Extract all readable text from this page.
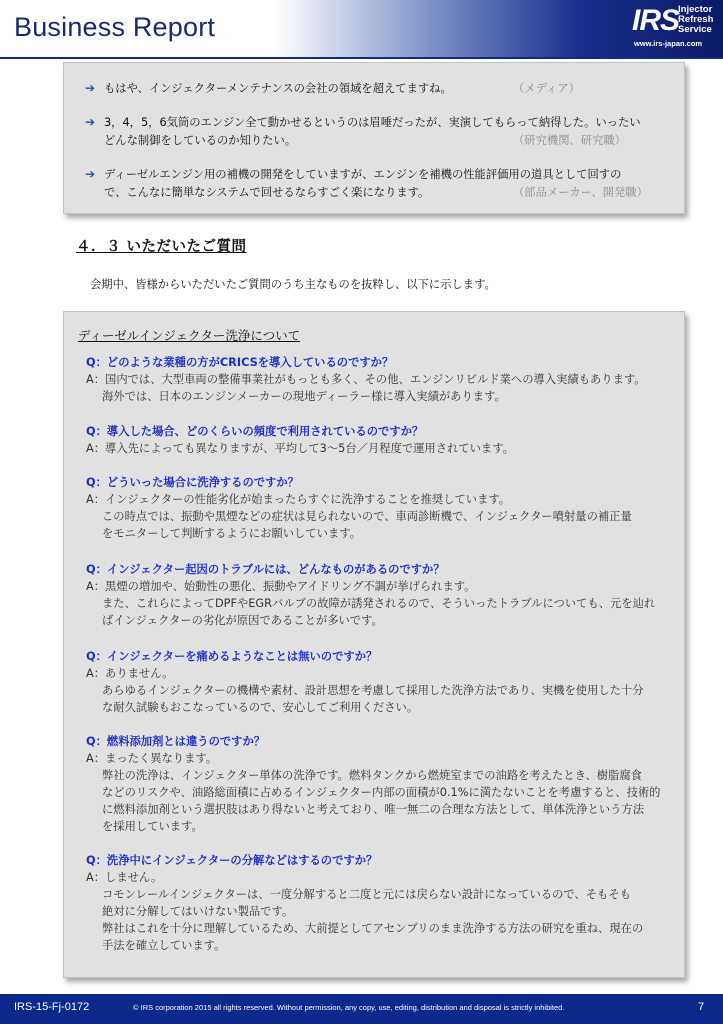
Business Report	IRS
Injector
Refresh
Service
www.irs-japan.com
➔ もはや、インジェクターメンテナンスの会社の領域を超えてますね。	（メディア）
➔ 3，4，5，6気筒のエンジン全て動かせるというのは眉唾だったが、実演してもらって納得した。いったい
どんな制御をしているのか知りたい。	（研究機関、研究職）
➔ ディーゼルエンジン用の補機の開発をしていますが、エンジンを補機の性能評価用の道具として回すの
で、こんなに簡単なシステムで回せるならすごく楽になります。	（部品メーカー、開発職）
４．３ いただいたご質問
会期中、皆様からいただいたご質問のうち主なものを抜粋し、以下に示します。
ディーゼルインジェクター洗浄について
Q：どのような業種の方がCRICSを導入しているのですか？
A：国内では、大型車両の整備事業社がもっとも多く、その他、エンジンリビルド業への導入実績もあります。
海外では、日本のエンジンメーカーの現地ディーラー様に導入実績があります。
Q：導入した場合、どのくらいの頻度で利用されているのですか？
A：導入先によっても異なりますが、平均して3～5台／月程度で運用されています。
Q：どういった場合に洗浄するのですか？
A：インジェクターの性能劣化が始まったらすぐに洗浄することを推奨しています。
この時点では、振動や黒煙などの症状は見られないので、車両診断機で、インジェクター噴射量の補正量
をモニターして判断するようにお願いしています。
Q：インジェクター起因のトラブルには、どんなものがあるのですか？
A：黒煙の増加や、始動性の悪化、振動やアイドリング不調が挙げられます。
また、これらによってDPFやEGRバルブの故障が誘発されるので、そういったトラブルについても、元を辿れ
ばインジェクターの劣化が原因であることが多いです。
Q：インジェクターを痛めるようなことは無いのですか？
A：ありません。
あらゆるインジェクターの機構や素材、設計思想を考慮して採用した洗浄方法であり、実機を使用した十分
な耐久試験もおこなっているので、安心してご利用ください。
Q：燃料添加剤とは違うのですか？
A：まったく異なります。
弊社の洗浄は、インジェクター単体の洗浄です。燃料タンクから燃焼室までの油路を考えたとき、樹脂腐食
などのリスクや、油路総面積に占めるインジェクター内部の面積が0.1%に満たないことを考慮すると、技術的
に燃料添加剤という選択肢はあり得ないと考えており、唯一無二の合理な方法として、単体洗浄という方法
を採用しています。
Q：洗浄中にインジェクターの分解などはするのですか？
A：しません。
コモンレールインジェクターは、一度分解すると二度と元には戻らない設計になっているので、そもそも
絶対に分解してはいけない製品です。
弊社はこれを十分に理解しているため、大前提としてアセンブリのまま洗浄する方法の研究を重ね、現在の
手法を確立しています。
IRS-15-Fj-0172	© IRS corporation 2015 all rights reserved. Without permission, any copy, use, editing, distribution and disposal is strictly inhibited.	7
